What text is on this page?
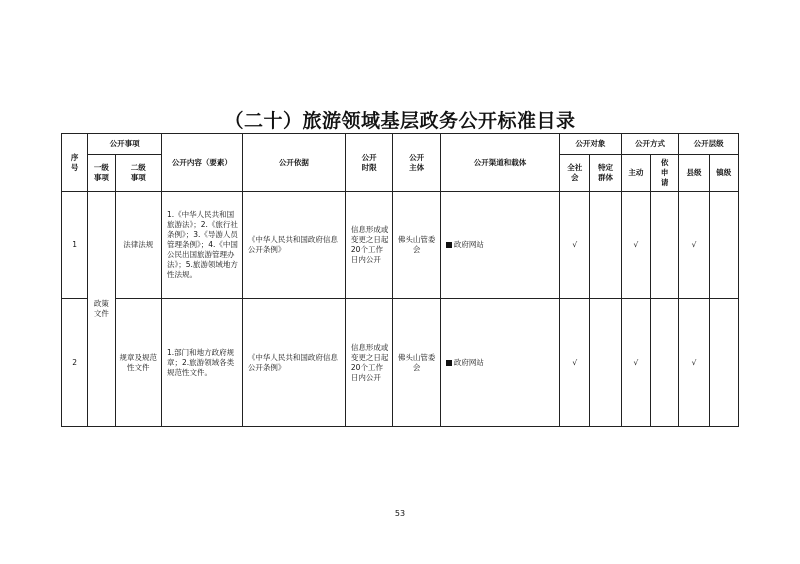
（二十）旅游领域基层政务公开标准目录
序号	公开事项		公开内容（要素）	公开依据	公开时限	公开主体	公开渠道和载体	公开对象		公开方式		公开层级	
	一级事项	二级事项						全社会	特定群体	主动	依申请	县级	镇级
1	政策文件	法律法规	1.《中华人民共和国旅游法》；2.《旅行社条例》；3.《导游人员管理条例》；4.《中国公民出国旅游管理办法》；5.旅游领域地方性法规。	《中华人民共和国政府信息公开条例》	信息形成或变更之日起20个工作日内公开	佛头山管委会	政府网站	√		√		√	
2		规章及规范性文件	1.部门和地方政府规章；2.旅游领域各类规范性文件。	《中华人民共和国政府信息公开条例》	信息形成或变更之日起20个工作日内公开	佛头山管委会	政府网站	√		√		√	
53
